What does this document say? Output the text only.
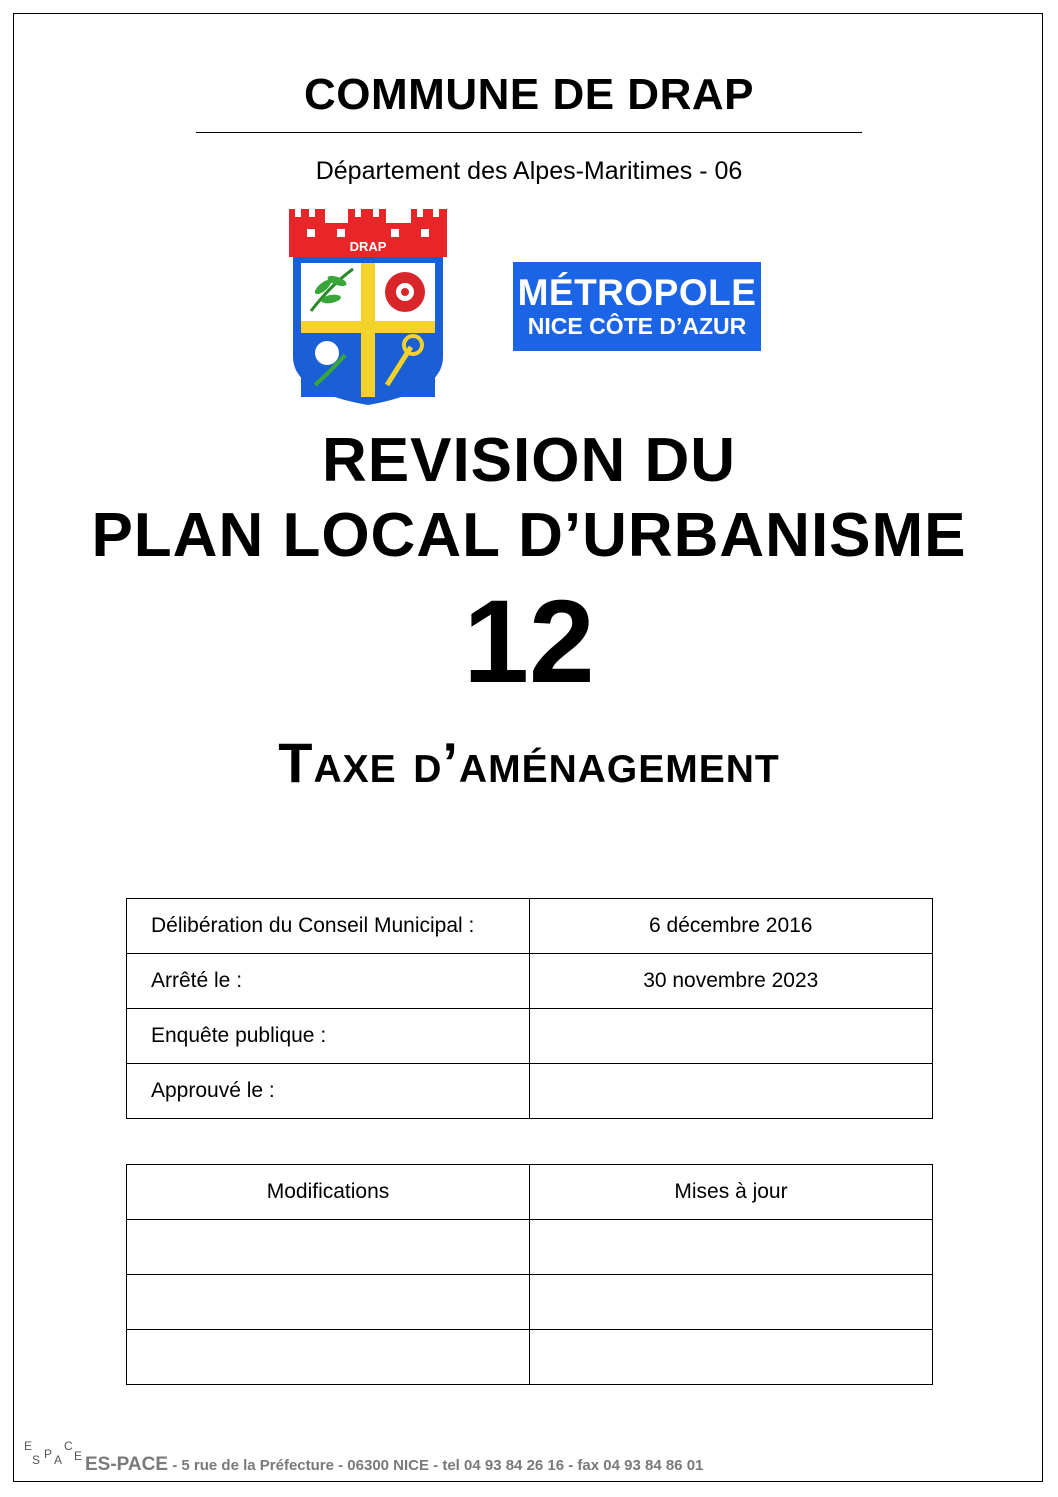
COMMUNE DE DRAP
Département des Alpes-Maritimes - 06
DRAP
MÉTROPOLE
NICE CÔTE D’AZUR
REVISION DU
PLAN LOCAL D’URBANISME
12
Taxe d’aménagement
Délibération du Conseil Municipal :	6 décembre 2016
Arrêté le :	30 novembre 2023
Enquête publique :	
Approuvé le :	
Modifications	Mises à jour

E
S P A
C
E ES-PACE - 5 rue de la Préfecture - 06300 NICE - tel 04 93 84 26 16 - fax 04 93 84 86 01
